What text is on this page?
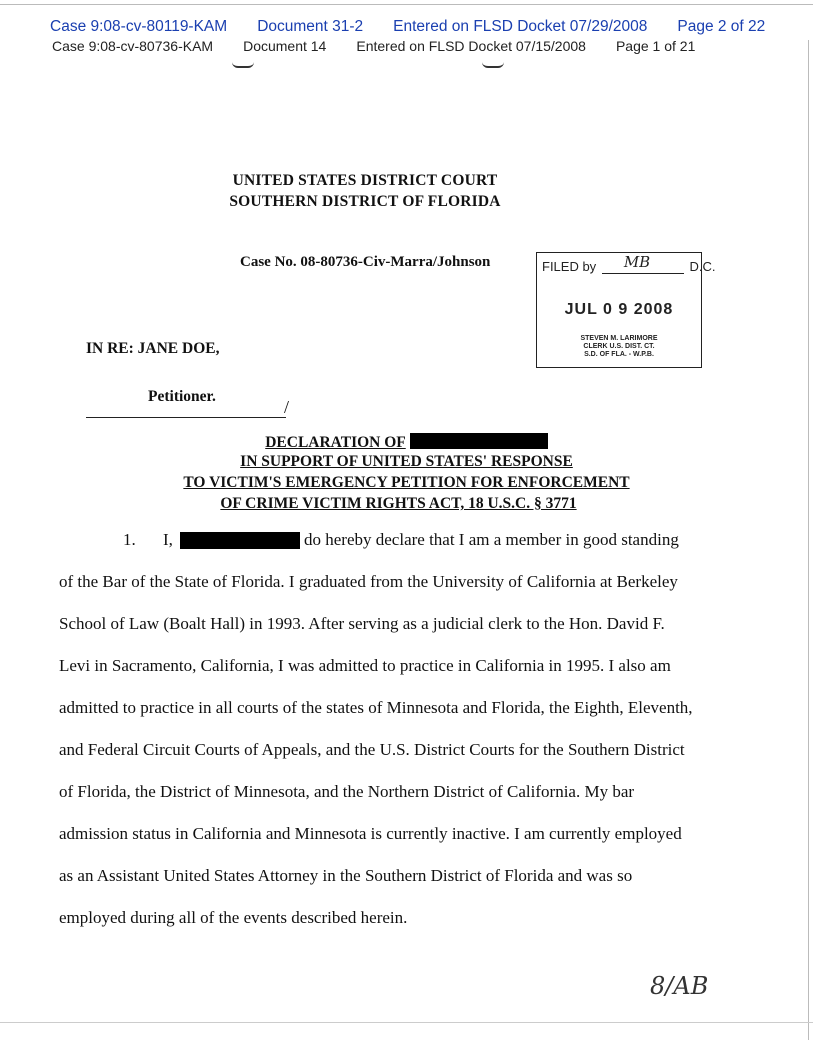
Case 9:08-cv-80119-KAM Document 31-2 Entered on FLSD Docket 07/29/2008 Page 2 of 22
Case 9:08-cv-80736-KAM Document 14 Entered on FLSD Docket 07/15/2008 Page 1 of 21
UNITED STATES DISTRICT COURT
SOUTHERN DISTRICT OF FLORIDA
Case No. 08-80736-Civ-Marra/Johnson	FILED by MB	D.C.
JUL 0 9 2008
STEVEN M. LARIMORE
CLERK U.S. DIST. CT.
S.D. OF FLA. - W.P.B.
IN RE: JANE DOE,
Petitioner.
/
DECLARATION OF
IN SUPPORT OF UNITED STATES' RESPONSE
TO VICTIM'S EMERGENCY PETITION FOR ENFORCEMENT
OF CRIME VICTIM RIGHTS ACT, 18 U.S.C. § 3771
1. I,	do hereby declare that I am a member in good standing
of the Bar of the State of Florida. I graduated from the University of California at Berkeley
School of Law (Boalt Hall) in 1993. After serving as a judicial clerk to the Hon. David F.
Levi in Sacramento, California, I was admitted to practice in California in 1995. I also am
admitted to practice in all courts of the states of Minnesota and Florida, the Eighth, Eleventh,
and Federal Circuit Courts of Appeals, and the U.S. District Courts for the Southern District
of Florida, the District of Minnesota, and the Northern District of California. My bar
admission status in California and Minnesota is currently inactive. I am currently employed
as an Assistant United States Attorney in the Southern District of Florida and was so
employed during all of the events described herein.
8/AB
